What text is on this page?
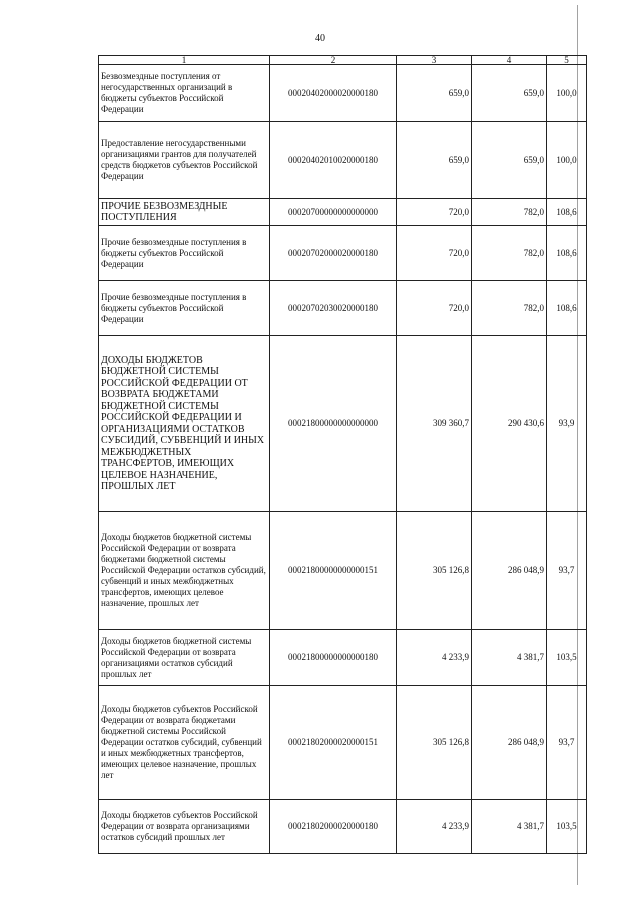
40
1	2	3	4	5
Безвозмездные поступления от негосударственных организаций в бюджеты субъектов Российской Федерации	00020402000020000180	659,0	659,0	100,0
Предоставление негосударственными организациями грантов для получателей средств бюджетов субъектов Российской Федерации	00020402010020000180	659,0	659,0	100,0
ПРОЧИЕ БЕЗВОЗМЕЗДНЫЕ ПОСТУПЛЕНИЯ	00020700000000000000	720,0	782,0	108,6
Прочие безвозмездные поступления в бюджеты субъектов Российской Федерации	00020702000020000180	720,0	782,0	108,6
Прочие безвозмездные поступления в бюджеты субъектов Российской Федерации	00020702030020000180	720,0	782,0	108,6
ДОХОДЫ БЮДЖЕТОВ БЮДЖЕТНОЙ СИСТЕМЫ РОССИЙСКОЙ ФЕДЕРАЦИИ ОТ ВОЗВРАТА БЮДЖЕТАМИ БЮДЖЕТНОЙ СИСТЕМЫ РОССИЙСКОЙ ФЕДЕРАЦИИ И ОРГАНИЗАЦИЯМИ ОСТАТКОВ СУБСИДИЙ, СУБВЕНЦИЙ И ИНЫХ МЕЖБЮДЖЕТНЫХ ТРАНСФЕРТОВ, ИМЕЮЩИХ ЦЕЛЕВОЕ НАЗНАЧЕНИЕ, ПРОШЛЫХ ЛЕТ	00021800000000000000	309 360,7	290 430,6	93,9
Доходы бюджетов бюджетной системы Российской Федерации от возврата бюджетами бюджетной системы Российской Федерации остатков субсидий, субвенций и иных межбюджетных трансфертов, имеющих целевое назначение, прошлых лет	00021800000000000151	305 126,8	286 048,9	93,7
Доходы бюджетов бюджетной системы Российской Федерации от возврата организациями остатков субсидий прошлых лет	00021800000000000180	4 233,9	4 381,7	103,5
Доходы бюджетов субъектов Российской Федерации от возврата бюджетами бюджетной системы Российской Федерации остатков субсидий, субвенций и иных межбюджетных трансфертов, имеющих целевое назначение, прошлых лет	00021802000020000151	305 126,8	286 048,9	93,7
Доходы бюджетов субъектов Российской Федерации от возврата организациями остатков субсидий прошлых лет	00021802000020000180	4 233,9	4 381,7	103,5
